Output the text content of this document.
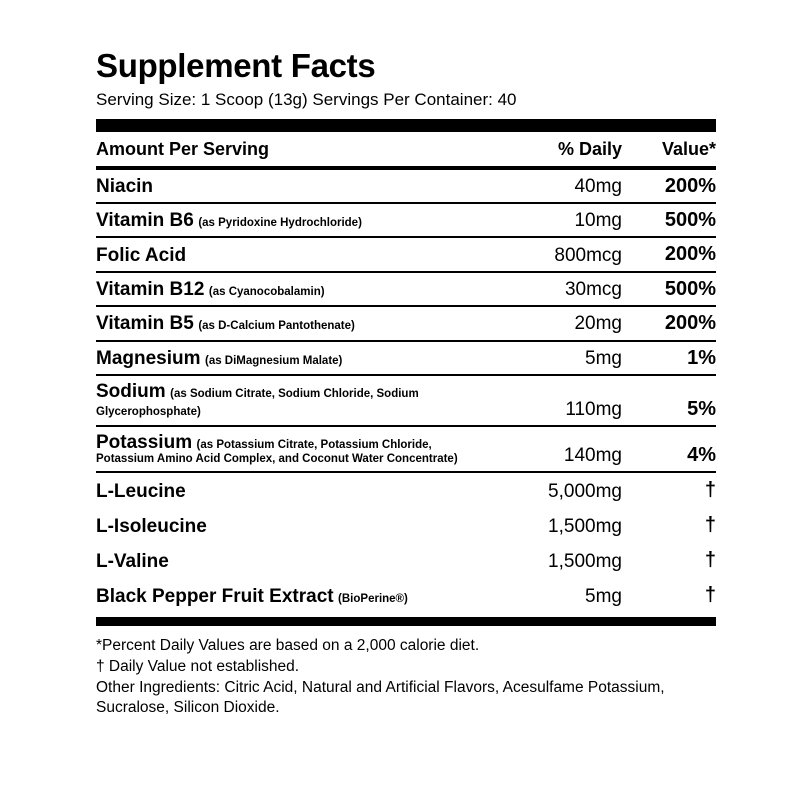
Supplement Facts

Serving Size: 1 Scoop (13g) Servings Per Container: 40

Amount Per Serving	% Daily	Value*
Niacin	40mg	200%
Vitamin B6 (as Pyridoxine Hydrochloride)	10mg	500%
Folic Acid	800mcg	200%
Vitamin B12 (as Cyanocobalamin)	30mcg	500%
Vitamin B5 (as D-Calcium Pantothenate)	20mg	200%
Magnesium (as DiMagnesium Malate)	5mg	1%
Sodium (as Sodium Citrate, Sodium Chloride, Sodium Glycerophosphate)	110mg	5%
Potassium (as Potassium Citrate, Potassium Chloride,
Potassium Amino Acid Complex, and Coconut Water Concentrate)	140mg	4%
L-Leucine	5,000mg	†
L-Isoleucine	1,500mg	†
L-Valine	1,500mg	†
Black Pepper Fruit Extract (BioPerine®)	5mg	†

*Percent Daily Values are based on a 2,000 calorie diet.

† Daily Value not established.

Other Ingredients: Citric Acid, Natural and Artificial Flavors, Acesulfame Potassium,

Sucralose, Silicon Dioxide.
